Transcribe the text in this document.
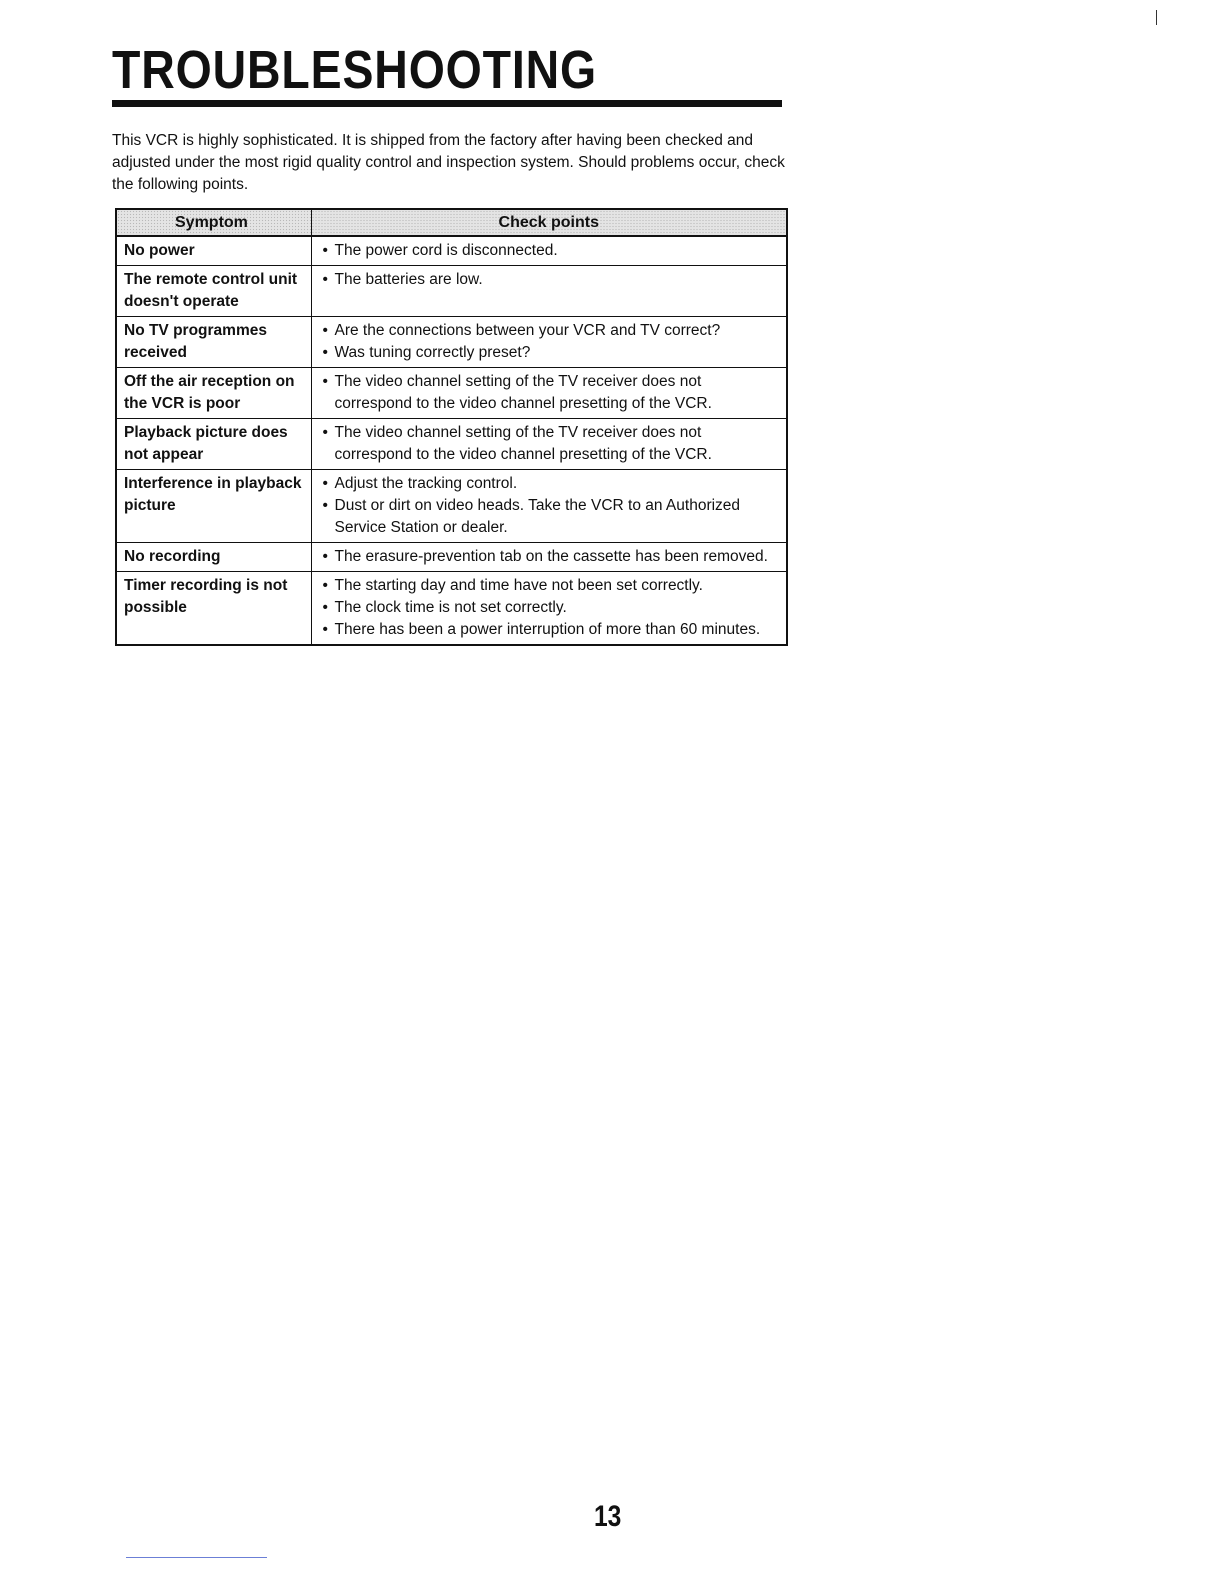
TROUBLESHOOTING

This VCR is highly sophisticated. It is shipped from the factory after having been checked and adjusted under the most rigid quality control and inspection system. Should problems occur, check the following points.

Symptom	Check points
No power	• The power cord is disconnected.

The remote control unit doesn't operate	• The batteries are low.

No TV programmes received	• Are the connections between your VCR and TV correct?
• Was tuning correctly preset?

Off the air reception on the VCR is poor	• The video channel setting of the TV receiver does not correspond to the video channel presetting of the VCR.

Playback picture does not appear	• The video channel setting of the TV receiver does not correspond to the video channel presetting of the VCR.

Interference in playback picture	• Adjust the tracking control.
• Dust or dirt on video heads. Take the VCR to an Authorized Service Station or dealer.

No recording	• The erasure-prevention tab on the cassette has been removed.

Timer recording is not possible	• The starting day and time have not been set correctly.
• The clock time is not set correctly.
• There has been a power interruption of more than 60 minutes.
13
